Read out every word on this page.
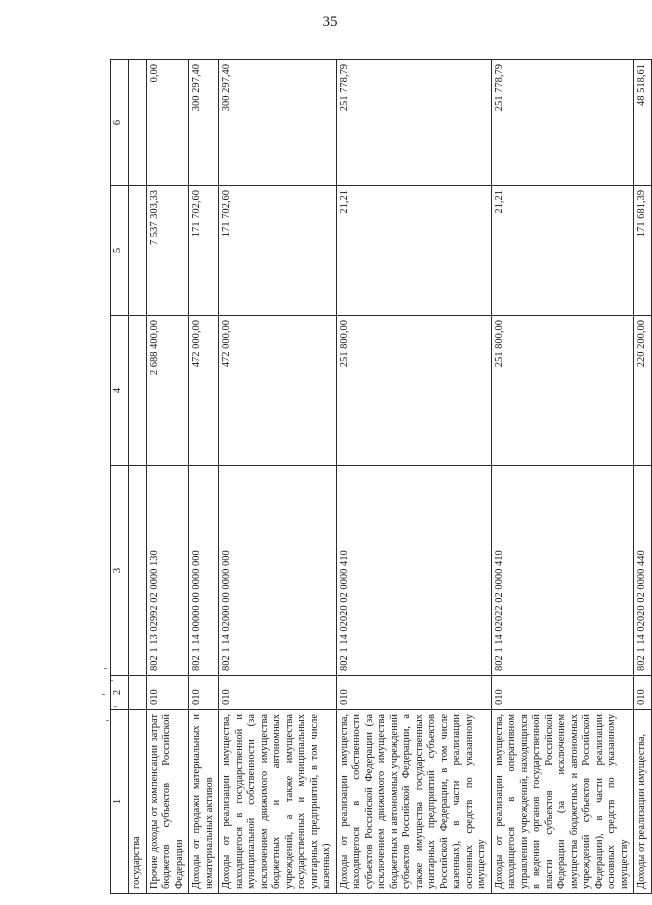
35
1	2	3	4	5	6
государства					
Прочие доходы от компенсации затрат бюджетов субъектов Российской Федерации	010	802 1 13 02992 02 0000 130	2 688 400,00	7 537 303,33	0,00
Доходы от продажи материальных и нематериальных активов	010	802 1 14 00000 00 0000 000	472 000,00	171 702,60	300 297,40
Доходы от реализации имущества, находящегося в государственной и муниципальной собственности (за исключением движимого имущества бюджетных и автономных учреждений, а также имущества государственных и муниципальных унитарных предприятий, в том числе казенных)	010	802 1 14 02000 00 0000 000	472 000,00	171 702,60	300 297,40
Доходы от реализации имущества, находящегося в собственности субъектов Российской Федерации (за исключением движимого имущества бюджетных и автономных учреждений субъектов Российской Федерации, а также имущества государственных унитарных предприятий субъектов Российской Федерации, в том числе казенных), в части реализации основных средств по указанному имуществу	010	802 1 14 02020 02 0000 410	251 800,00	21,21	251 778,79
Доходы от реализации имущества, находящегося в оперативном управлении учреждений, находящихся в ведении органов государственной власти субъектов Российской Федерации (за исключением имущества бюджетных и автономных учреждений субъектов Российской Федерации), в части реализации основных средств по указанному имуществу	010	802 1 14 02022 02 0000 410	251 800,00	21,21	251 778,79
Доходы от реализации имущества,	010	802 1 14 02020 02 0000 440	220 200,00	171 681,39	48 518,61
